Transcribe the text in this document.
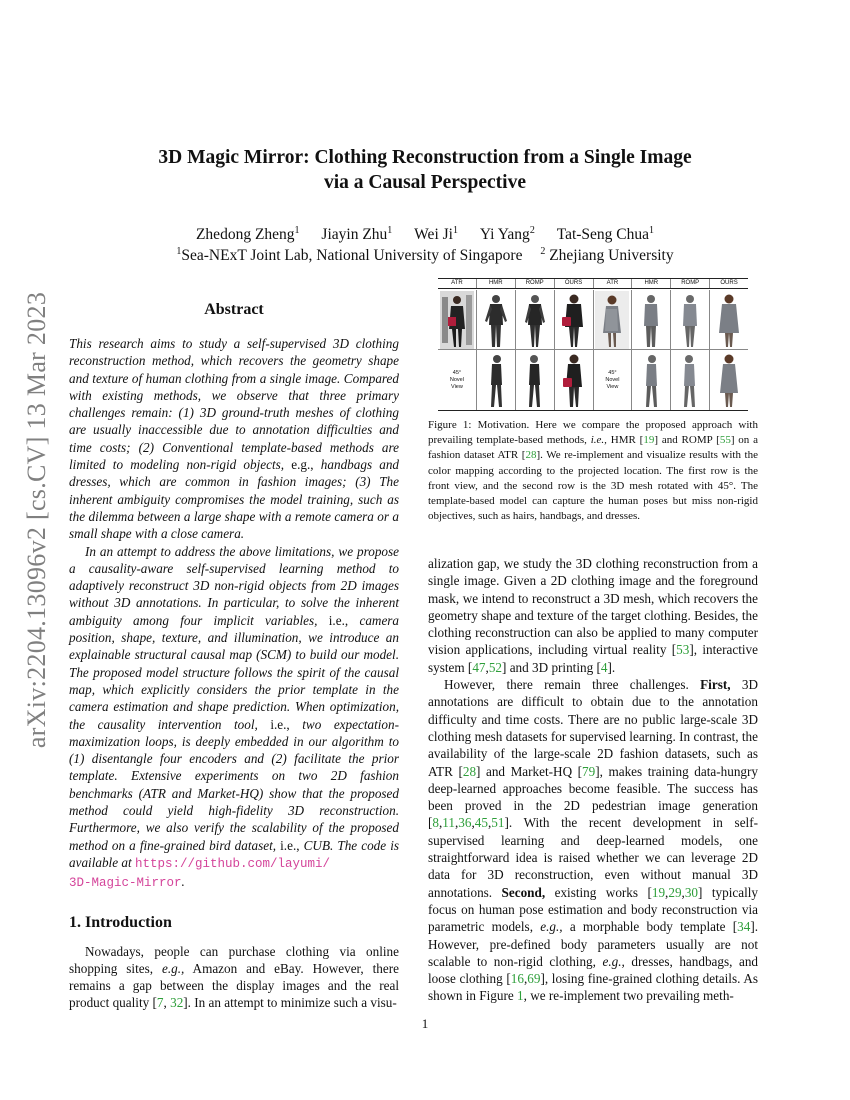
arXiv:2204.13096v2 [cs.CV] 13 Mar 2023
3D Magic Mirror: Clothing Reconstruction from a Single Image
via a Causal Perspective
Zhedong Zheng$^1$ Jiayin Zhu$^1$ Wei Ji$^1$ Yi Yang$^2$ Tat-Seng Chua$^1$
$^1$Sea-NExT Joint Lab, National University of Singapore $^2$ Zhejiang University
Abstract

This research aims to study a self-supervised 3D clothing reconstruction method, which recovers the geometry shape and texture of human clothing from a single image. Compared with existing methods, we observe that three primary challenges remain: (1) 3D ground-truth meshes of clothing are usually inaccessible due to annotation difficulties and time costs; (2) Conventional template-based methods are limited to modeling non-rigid objects, e.g., handbags and dresses, which are common in fashion images; (3) The inherent ambiguity compromises the model training, such as the dilemma between a large shape with a remote camera or a small shape with a close camera.

In an attempt to address the above limitations, we propose a causality-aware self-supervised learning method to adaptively reconstruct 3D non-rigid objects from 2D images without 3D annotations. In particular, to solve the inherent ambiguity among four implicit variables, i.e., camera position, shape, texture, and illumination, we introduce an explainable structural causal map (SCM) to build our model. The proposed model structure follows the spirit of the causal map, which explicitly considers the prior template in the camera estimation and shape prediction. When optimization, the causality intervention tool, i.e., two expectation-maximization loops, is deeply embedded in our algorithm to (1) disentangle four encoders and (2) facilitate the prior template. Extensive experiments on two 2D fashion benchmarks (ATR and Market-HQ) show that the proposed method could yield high-fidelity 3D reconstruction. Furthermore, we also verify the scalability of the proposed method on a fine-grained bird dataset, i.e., CUB. The code is available at https://github.com/layumi/
3D-Magic-Mirror.

1. Introduction

Nowadays, people can purchase clothing via online shopping sites, e.g., Amazon and eBay. However, there remains a gap between the display images and the real product quality [7, 32]. In an attempt to minimize such a visu-

ATR	HMR	ROMP	OURS	ATR	HMR	ROMP	OURS
45°
Novel
View
45°
Novel
View
Figure 1: Motivation. Here we compare the proposed approach with prevailing template-based methods, i.e., HMR [19] and ROMP [55] on a fashion dataset ATR [28]. We re-implement and visualize results with the color mapping according to the projected location. The first row is the front view, and the second row is the 3D mesh rotated with 45°. The template-based model can capture the human poses but miss non-rigid objectives, such as hairs, handbags, and dresses.

alization gap, we study the 3D clothing reconstruction from a single image. Given a 2D clothing image and the foreground mask, we intend to reconstruct a 3D mesh, which recovers the geometry shape and texture of the target clothing. Besides, the clothing reconstruction can also be applied to many computer vision applications, including virtual reality [53], interactive system [47,52] and 3D printing [4].

However, there remain three challenges. First, 3D annotations are difficult to obtain due to the annotation difficulty and time costs. There are no public large-scale 3D clothing mesh datasets for supervised learning. In contrast, the availability of the large-scale 2D fashion datasets, such as ATR [28] and Market-HQ [79], makes training data-hungry deep-learned approaches become feasible. The success has been proved in the 2D pedestrian image generation [8,11,36,45,51]. With the recent development in self-supervised learning and deep-learned models, one straightforward idea is raised whether we can leverage 2D data for 3D reconstruction, even without manual 3D annotations. Second, existing works [19,29,30] typically focus on human pose estimation and body reconstruction via parametric models, e.g., a morphable body template [34]. However, pre-defined body parameters usually are not scalable to non-rigid clothing, e.g., dresses, handbags, and loose clothing [16,69], losing fine-grained clothing details. As shown in Figure 1, we re-implement two prevailing meth-

1
